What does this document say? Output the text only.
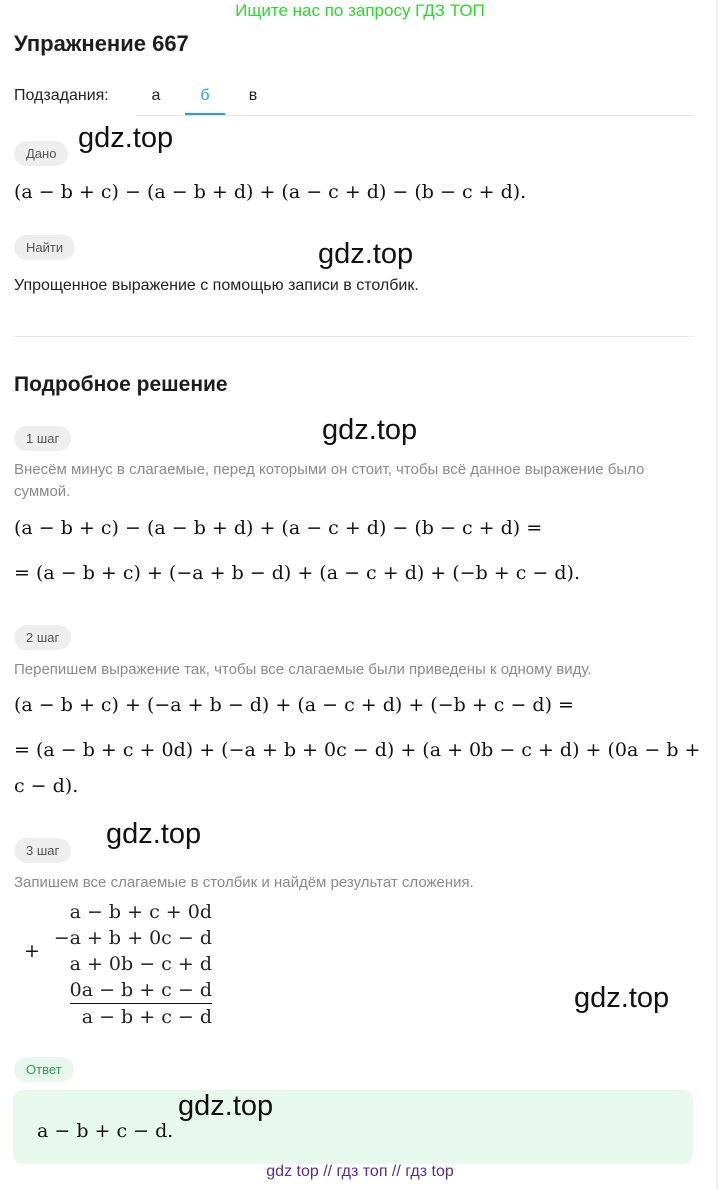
Ищите нас по запросу ГДЗ ТОП
Упражнение 667
Подзадания:	а	б	в
Дано gdz.top
(a − b + c) − (a − b + d) + (a − c + d) − (b − c + d).
Найти	gdz.top
Упрощенное выражение с помощью записи в столбик.
Подробное решение
1 шаг	gdz.top
Внесём минус в слагаемые, перед которыми он стоит, чтобы всё данное выражение было суммой.
(a − b + c) − (a − b + d) + (a − c + d) − (b − c + d) =
= (a − b + c) + (−a + b − d) + (a − c + d) + (−b + c − d).
2 шаг
Перепишем выражение так, чтобы все слагаемые были приведены к одному виду.
(a − b + c) + (−a + b − d) + (a − c + d) + (−b + c − d) =
= (a − b + c + 0d) + (−a + b + 0c − d) + (a + 0b − c + d) + (0a − b +
c − d).
3 шаг
gdz.top
Запишем все слагаемые в столбик и найдём результат сложения.
+
a − b + c + 0d
−a + b + 0c − d
a + 0b − c + d
0a − b + c − d
a − b + c − d
gdz.top
Ответ
a − b + c − d.
gdz.top
gdz top // гдз топ // гдз top
